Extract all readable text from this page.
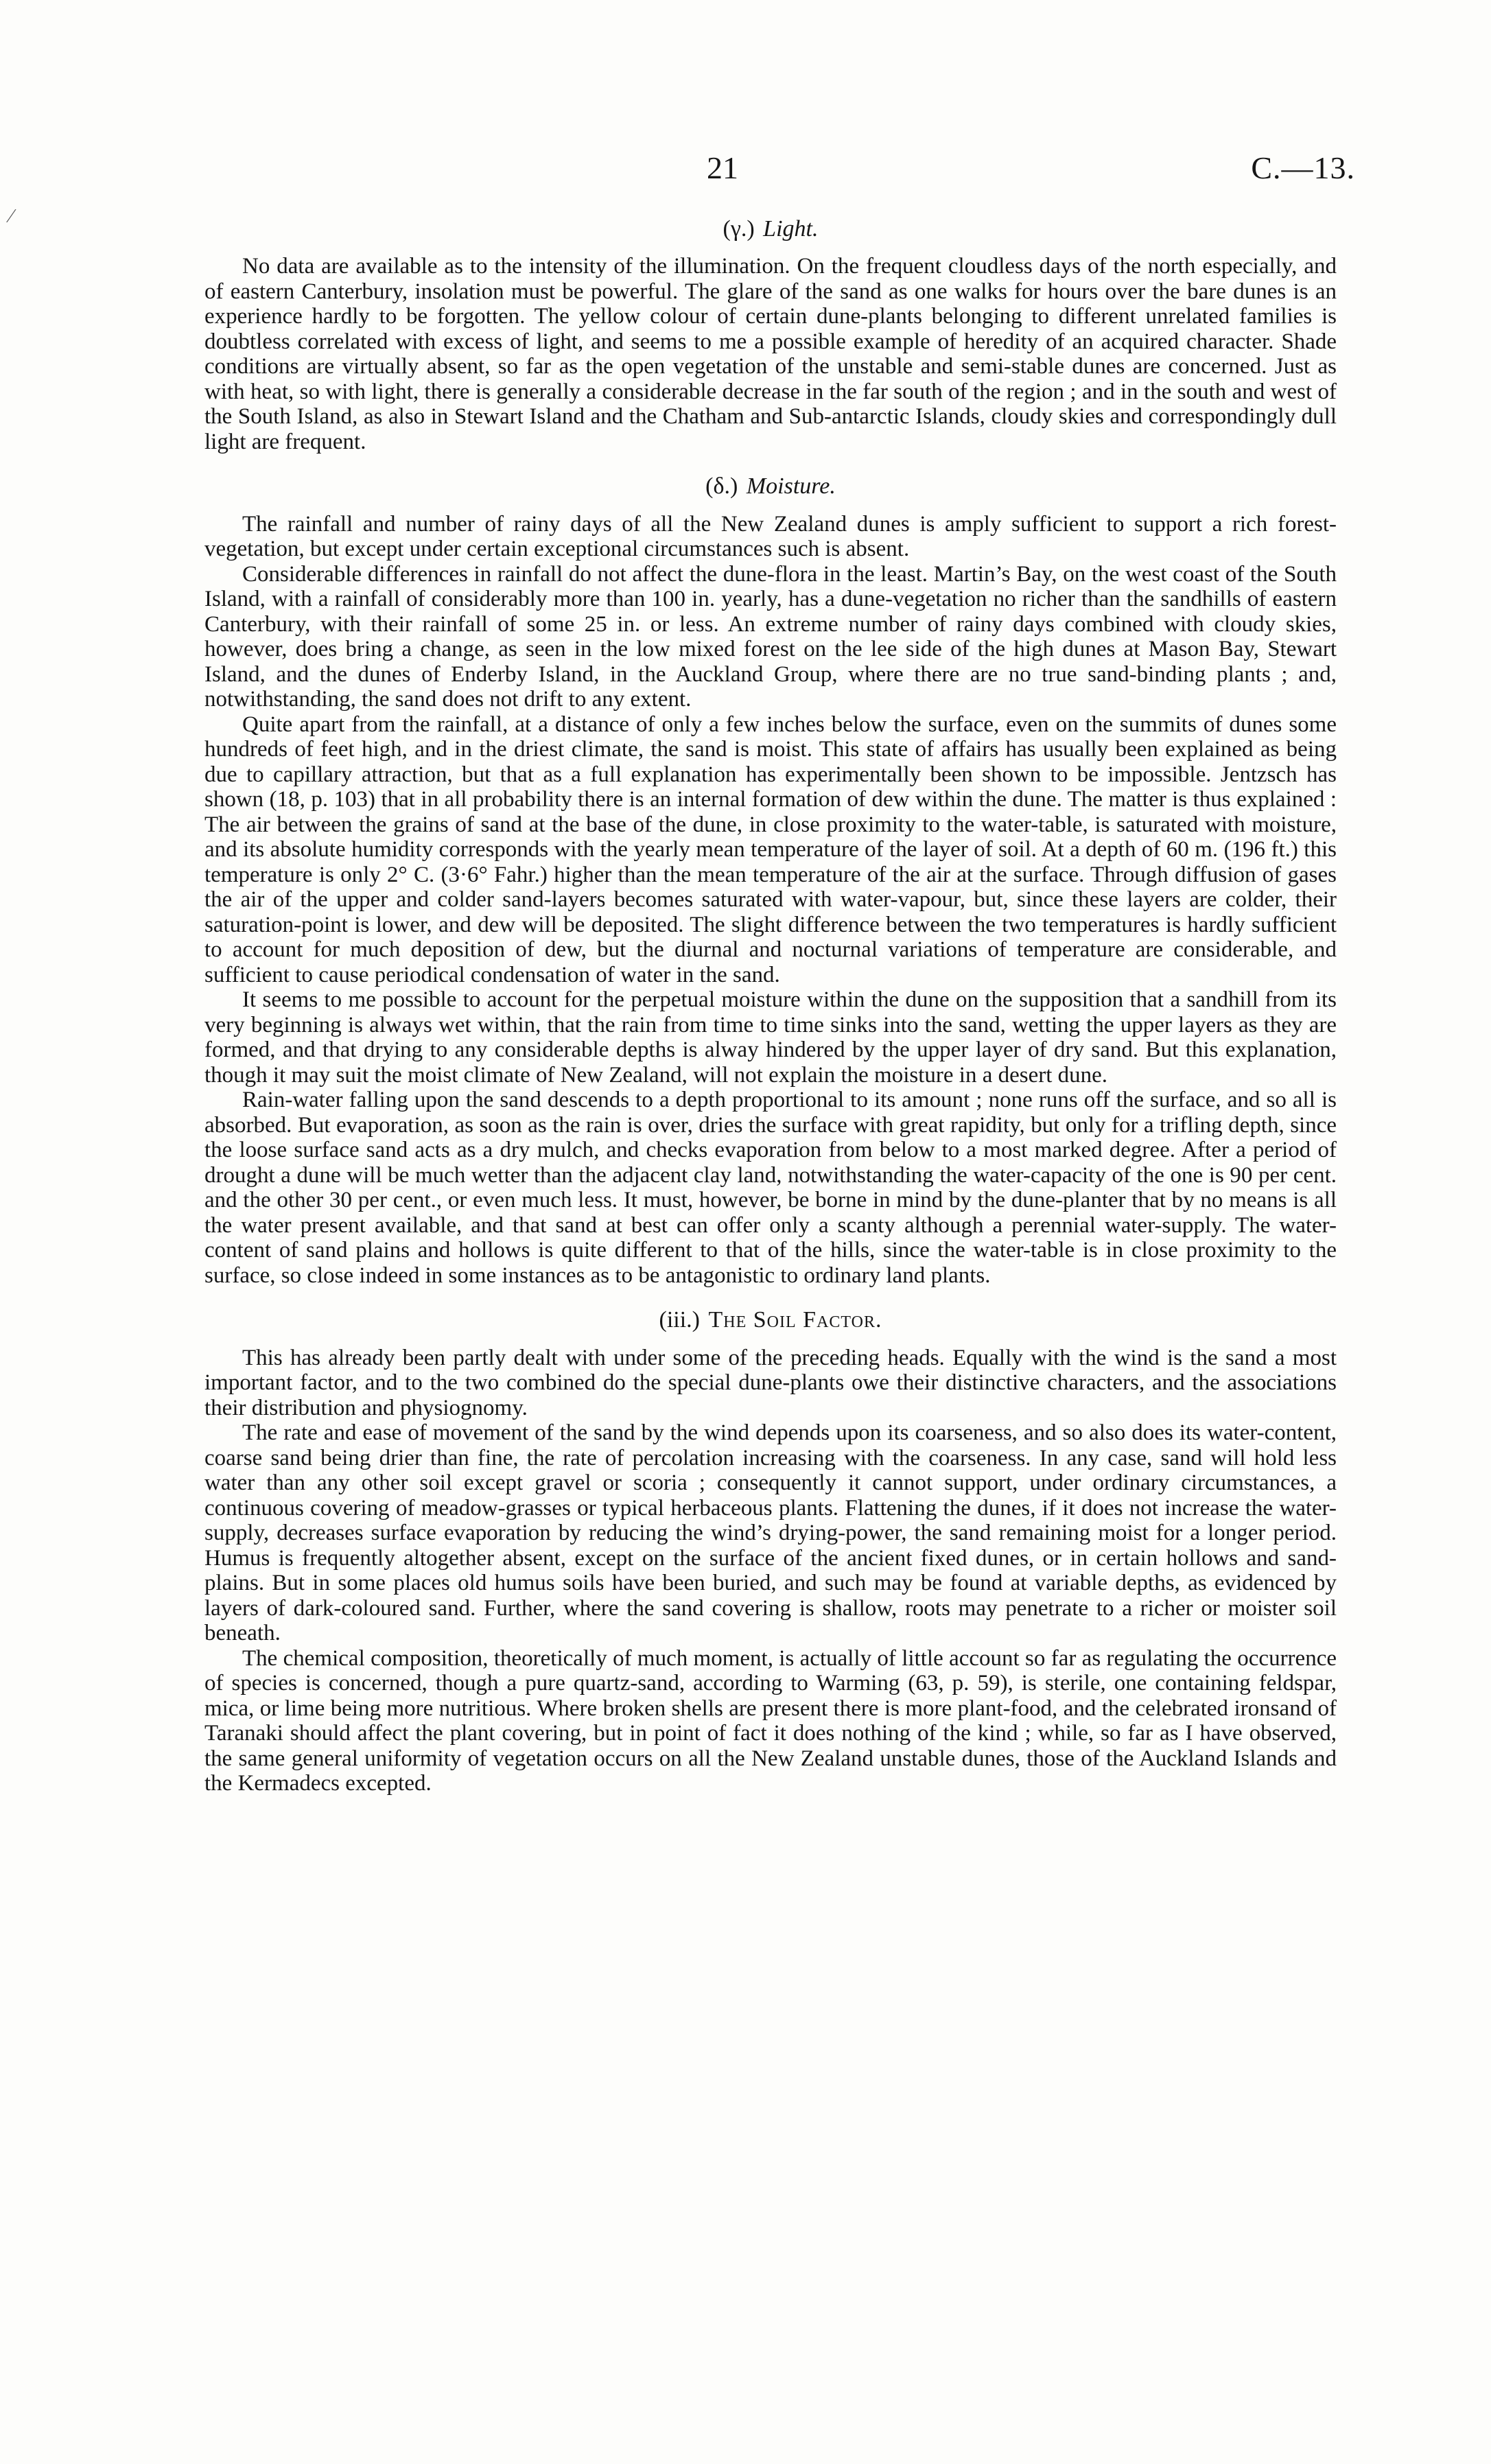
⁄
21	C.—13.
(γ.) Light.

No data are available as to the intensity of the illumination. On the frequent cloudless days of the north especially, and of eastern Canterbury, insolation must be powerful. The glare of the sand as one walks for hours over the bare dunes is an experience hardly to be forgotten. The yellow colour of certain dune-plants belonging to different unrelated families is doubtless correlated with excess of light, and seems to me a possible example of heredity of an acquired character. Shade conditions are virtually absent, so far as the open vegetation of the unstable and semi-stable dunes are concerned. Just as with heat, so with light, there is generally a considerable decrease in the far south of the region ; and in the south and west of the South Island, as also in Stewart Island and the Chatham and Sub-antarctic Islands, cloudy skies and correspondingly dull light are frequent.

(δ.) Moisture.

The rainfall and number of rainy days of all the New Zealand dunes is amply sufficient to support a rich forest-vegetation, but except under certain exceptional circumstances such is absent.

Considerable differences in rainfall do not affect the dune-flora in the least. Martin’s Bay, on the west coast of the South Island, with a rainfall of considerably more than 100 in. yearly, has a dune-vegetation no richer than the sandhills of eastern Canterbury, with their rainfall of some 25 in. or less. An extreme number of rainy days combined with cloudy skies, however, does bring a change, as seen in the low mixed forest on the lee side of the high dunes at Mason Bay, Stewart Island, and the dunes of Enderby Island, in the Auckland Group, where there are no true sand-binding plants ; and, notwithstanding, the sand does not drift to any extent.

Quite apart from the rainfall, at a distance of only a few inches below the surface, even on the summits of dunes some hundreds of feet high, and in the driest climate, the sand is moist. This state of affairs has usually been explained as being due to capillary attraction, but that as a full explanation has experimentally been shown to be impossible. Jentzsch has shown (18, p. 103) that in all probability there is an internal formation of dew within the dune. The matter is thus explained : The air between the grains of sand at the base of the dune, in close proximity to the water-table, is saturated with moisture, and its absolute humidity corresponds with the yearly mean temperature of the layer of soil. At a depth of 60 m. (196 ft.) this temperature is only 2° C. (3·6° Fahr.) higher than the mean temperature of the air at the surface. Through diffusion of gases the air of the upper and colder sand-layers becomes saturated with water-vapour, but, since these layers are colder, their saturation-point is lower, and dew will be deposited. The slight difference between the two temperatures is hardly sufficient to account for much deposition of dew, but the diurnal and nocturnal variations of temperature are considerable, and sufficient to cause periodical condensation of water in the sand.

It seems to me possible to account for the perpetual moisture within the dune on the supposition that a sandhill from its very beginning is always wet within, that the rain from time to time sinks into the sand, wetting the upper layers as they are formed, and that drying to any considerable depths is alway hindered by the upper layer of dry sand. But this explanation, though it may suit the moist climate of New Zealand, will not explain the moisture in a desert dune.

Rain-water falling upon the sand descends to a depth proportional to its amount ; none runs off the surface, and so all is absorbed. But evaporation, as soon as the rain is over, dries the surface with great rapidity, but only for a trifling depth, since the loose surface sand acts as a dry mulch, and checks evaporation from below to a most marked degree. After a period of drought a dune will be much wetter than the adjacent clay land, notwithstanding the water-capacity of the one is 90 per cent. and the other 30 per cent., or even much less. It must, however, be borne in mind by the dune-planter that by no means is all the water present available, and that sand at best can offer only a scanty although a perennial water-supply. The water-content of sand plains and hollows is quite different to that of the hills, since the water-table is in close proximity to the surface, so close indeed in some instances as to be antagonistic to ordinary land plants.

(iii.) The Soil Factor.

This has already been partly dealt with under some of the preceding heads. Equally with the wind is the sand a most important factor, and to the two combined do the special dune-plants owe their distinctive characters, and the associations their distribution and physiognomy.

The rate and ease of movement of the sand by the wind depends upon its coarseness, and so also does its water-content, coarse sand being drier than fine, the rate of percolation increasing with the coarseness. In any case, sand will hold less water than any other soil except gravel or scoria ; consequently it cannot support, under ordinary circumstances, a continuous covering of meadow-grasses or typical herbaceous plants. Flattening the dunes, if it does not increase the water-supply, decreases surface evaporation by reducing the wind’s drying-power, the sand remaining moist for a longer period. Humus is frequently altogether absent, except on the surface of the ancient fixed dunes, or in certain hollows and sand-plains. But in some places old humus soils have been buried, and such may be found at variable depths, as evidenced by layers of dark-coloured sand. Further, where the sand covering is shallow, roots may penetrate to a richer or moister soil beneath.

The chemical composition, theoretically of much moment, is actually of little account so far as regulating the occurrence of species is concerned, though a pure quartz-sand, according to Warming (63, p. 59), is sterile, one containing feldspar, mica, or lime being more nutritious. Where broken shells are present there is more plant-food, and the celebrated ironsand of Taranaki should affect the plant covering, but in point of fact it does nothing of the kind ; while, so far as I have observed, the same general uniformity of vegetation occurs on all the New Zealand unstable dunes, those of the Auckland Islands and the Kermadecs excepted.
